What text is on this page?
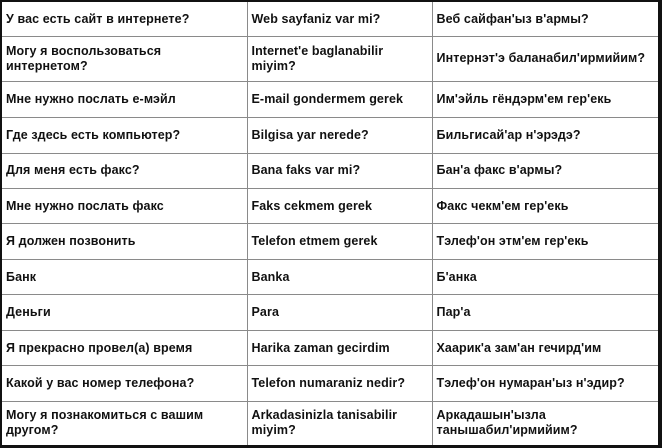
У вас есть сайт в интернете?	Web sayfaniz var mi?	Веб сайфан'ыз в'армы?
Могу я воспользоваться интернетом?	Internet'e baglanabilir miyim?	Интернэт'э баланабил'ирмийим?
Мне нужно послать е-мэйл	E-mail gondermem gerek	Им'эйль гёндэрм'ем гер'екь
Где здесь есть компьютер?	Bilgisa yar nerede?	Бильгисай'ар н'эрэдэ?
Для меня есть факс?	Bana faks var mi?	Бан'а факс в'армы?
Мне нужно послать факс	Faks cekmem gerek	Факс чекм'ем гер'екь
Я должен позвонить	Telefon etmem gerek	Тэлеф'он этм'ем гер'екь
Банк	Banka	Б'анка
Деньги	Para	Пар'а
Я прекрасно провел(а) время	Harika zaman gecirdim	Хаарик'а зам'ан гечирд'им
Какой у вас номер телефона?	Telefon numaraniz nedir?	Тэлеф'он нумаран'ыз н'эдир?
Могу я познакомиться с вашим другом?	Arkadasinizla tanisabilir miyim?	Аркадашын'ызла танышабил'ирмийим?
